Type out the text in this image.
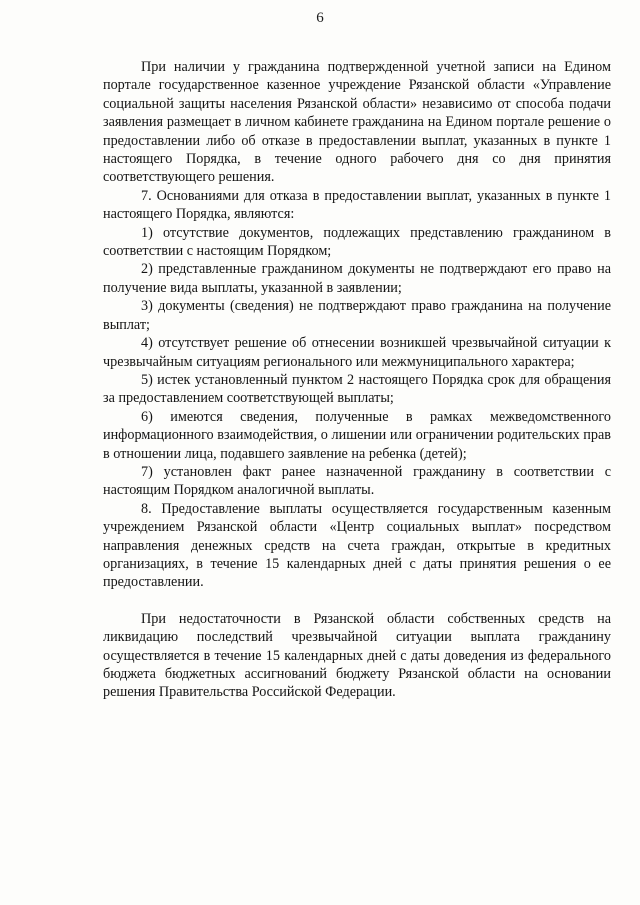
6

При наличии у гражданина подтвержденной учетной записи на Едином портале государственное казенное учреждение Рязанской области «Управление социальной защиты населения Рязанской области» независимо от способа подачи заявления размещает в личном кабинете гражданина на Едином портале решение о предоставлении либо об отказе в предоставлении выплат, указанных в пункте 1 настоящего Порядка, в течение одного рабочего дня со дня принятия соответствующего решения.

7. Основаниями для отказа в предоставлении выплат, указанных в пункте 1 настоящего Порядка, являются:

1) отсутствие документов, подлежащих представлению гражданином в соответствии с настоящим Порядком;

2) представленные гражданином документы не подтверждают его право на получение вида выплаты, указанной в заявлении;

3) документы (сведения) не подтверждают право гражданина на получение выплат;

4) отсутствует решение об отнесении возникшей чрезвычайной ситуации к чрезвычайным ситуациям регионального или межмуниципального характера;

5) истек установленный пунктом 2 настоящего Порядка срок для обращения за предоставлением соответствующей выплаты;

6) имеются сведения, полученные в рамках межведомственного информационного взаимодействия, о лишении или ограничении родительских прав в отношении лица, подавшего заявление на ребенка (детей);

7) установлен факт ранее назначенной гражданину в соответствии с настоящим Порядком аналогичной выплаты.

8. Предоставление выплаты осуществляется государственным казенным учреждением Рязанской области «Центр социальных выплат» посредством направления денежных средств на счета граждан, открытые в кредитных организациях, в течение 15 календарных дней с даты принятия решения о ее предоставлении.

При недостаточности в Рязанской области собственных средств на ликвидацию последствий чрезвычайной ситуации выплата гражданину осуществляется в течение 15 календарных дней с даты доведения из федерального бюджета бюджетных ассигнований бюджету Рязанской области на основании решения Правительства Российской Федерации.
